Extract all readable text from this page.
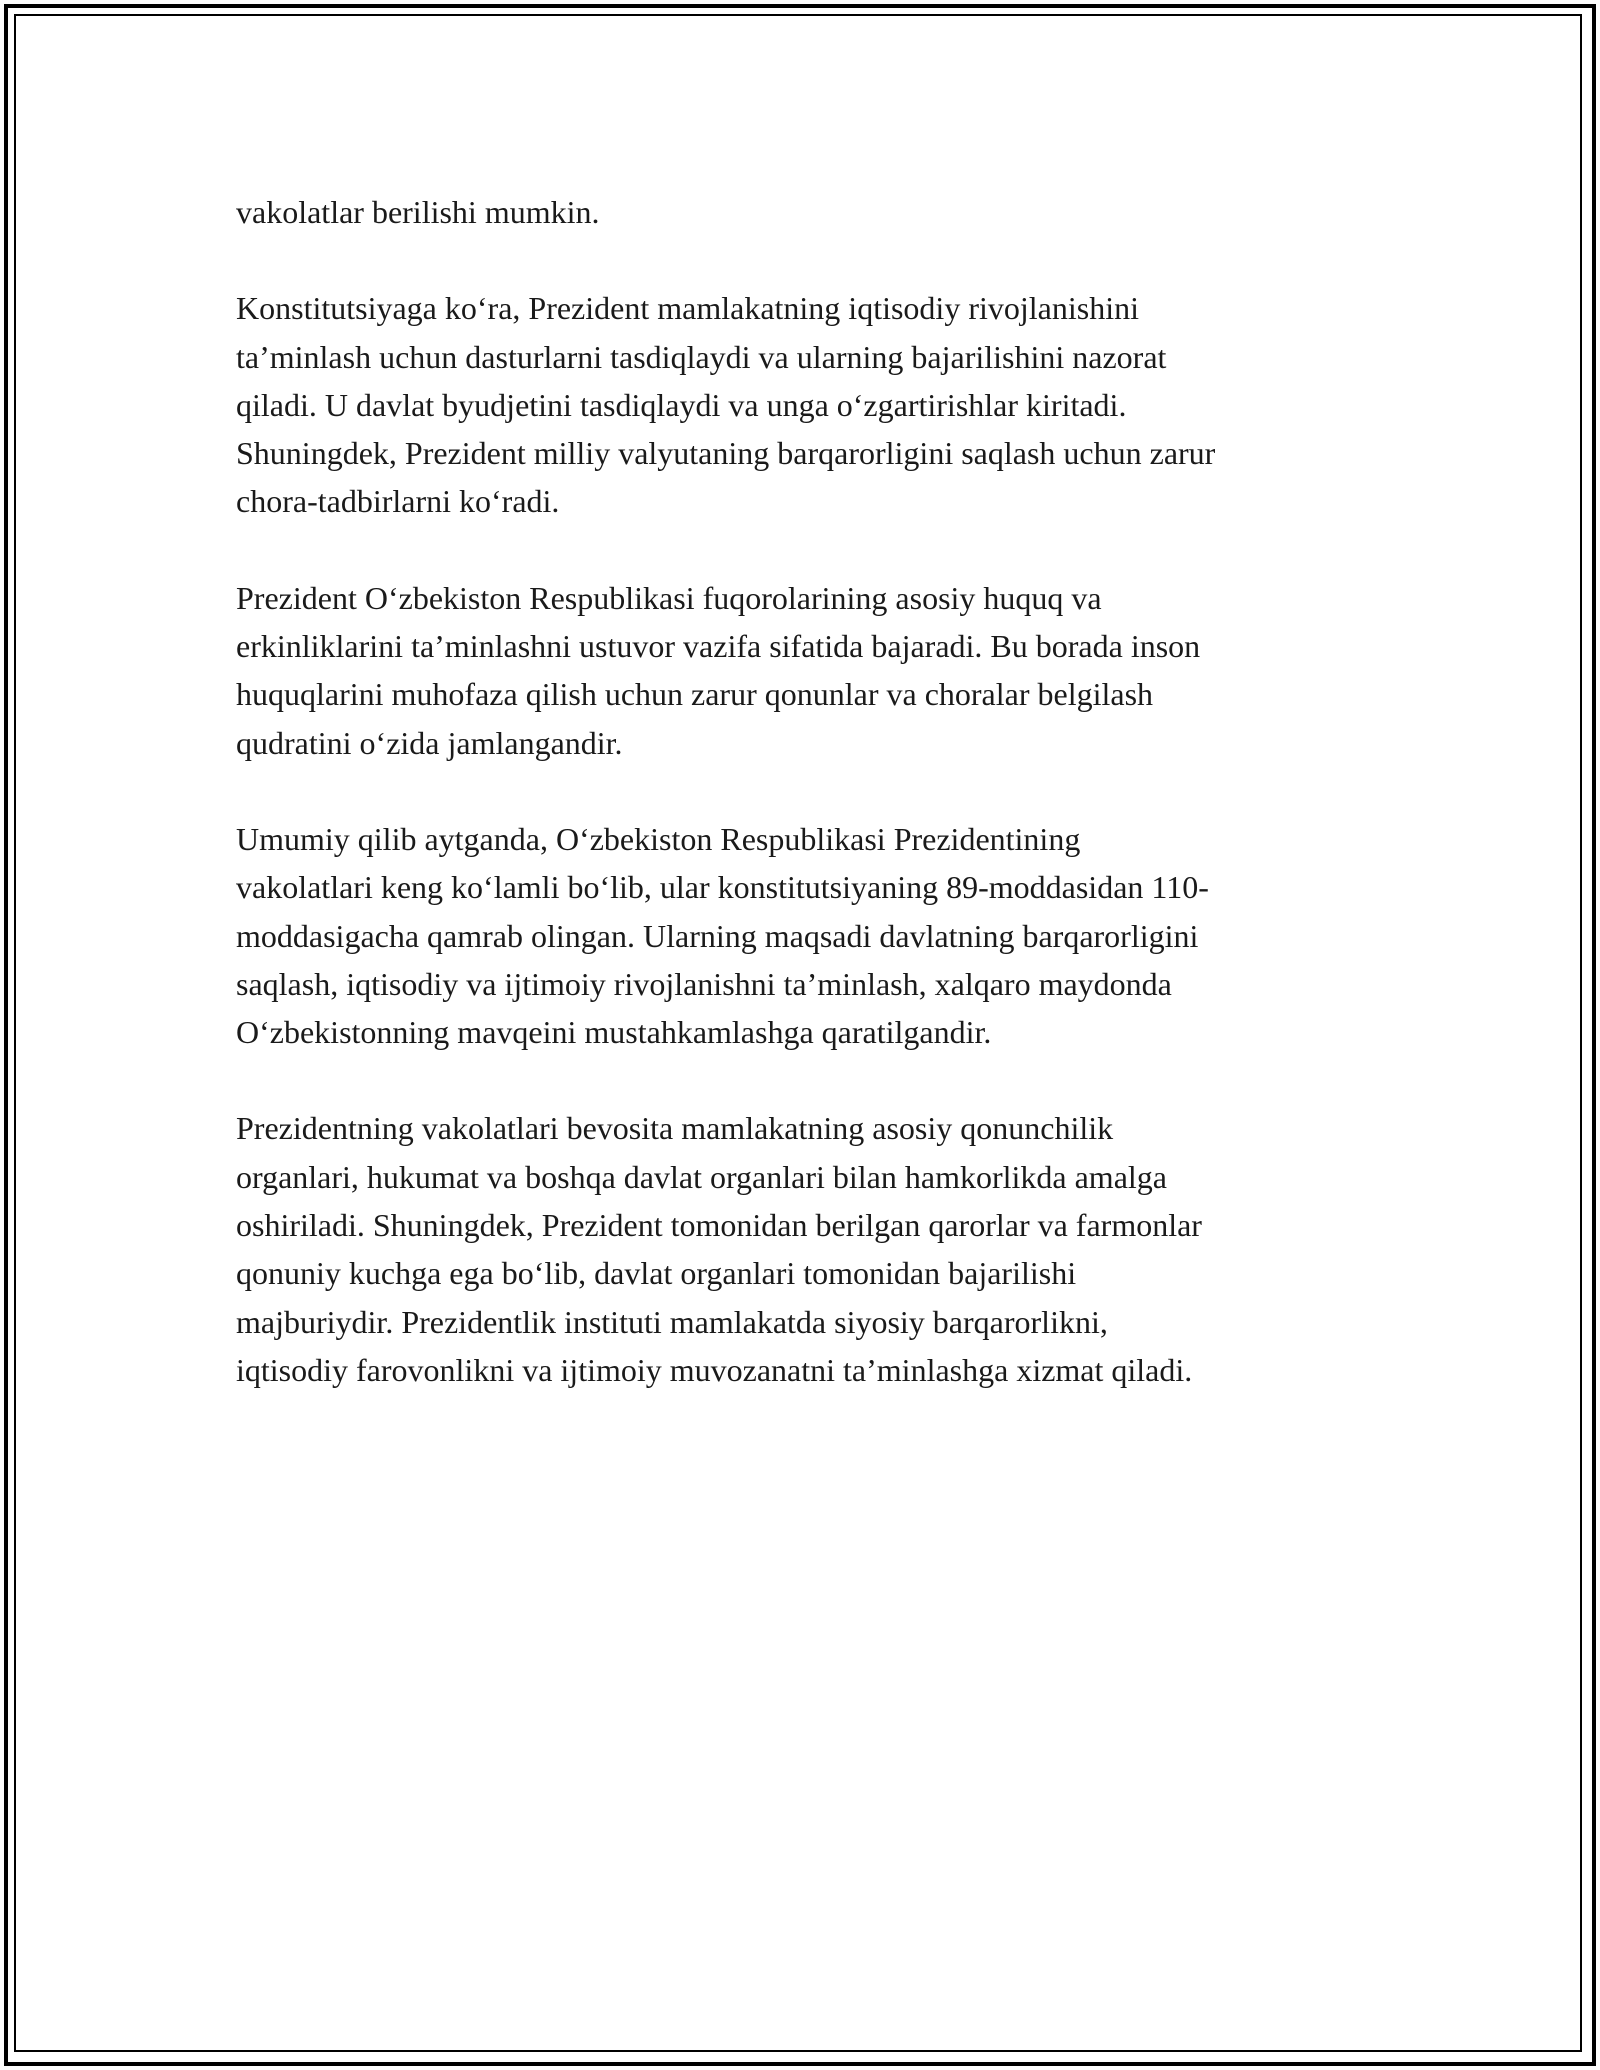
vakolatlar berilishi mumkin.

Konstitutsiyaga ko‘ra, Prezident mamlakatning iqtisodiy rivojlanishini
ta’minlash uchun dasturlarni tasdiqlaydi va ularning bajarilishini nazorat
qiladi. U davlat byudjetini tasdiqlaydi va unga o‘zgartirishlar kiritadi.
Shuningdek, Prezident milliy valyutaning barqarorligini saqlash uchun zarur
chora-tadbirlarni ko‘radi.

Prezident O‘zbekiston Respublikasi fuqorolarining asosiy huquq va
erkinliklarini ta’minlashni ustuvor vazifa sifatida bajaradi. Bu borada inson
huquqlarini muhofaza qilish uchun zarur qonunlar va choralar belgilash
qudratini o‘zida jamlangandir.

Umumiy qilib aytganda, O‘zbekiston Respublikasi Prezidentining
vakolatlari keng ko‘lamli bo‘lib, ular konstitutsiyaning 89-moddasidan 110-
moddasigacha qamrab olingan. Ularning maqsadi davlatning barqarorligini
saqlash, iqtisodiy va ijtimoiy rivojlanishni ta’minlash, xalqaro maydonda
O‘zbekistonning mavqeini mustahkamlashga qaratilgandir.

Prezidentning vakolatlari bevosita mamlakatning asosiy qonunchilik
organlari, hukumat va boshqa davlat organlari bilan hamkorlikda amalga
oshiriladi. Shuningdek, Prezident tomonidan berilgan qarorlar va farmonlar
qonuniy kuchga ega bo‘lib, davlat organlari tomonidan bajarilishi
majburiydir. Prezidentlik instituti mamlakatda siyosiy barqarorlikni,
iqtisodiy farovonlikni va ijtimoiy muvozanatni ta’minlashga xizmat qiladi.
